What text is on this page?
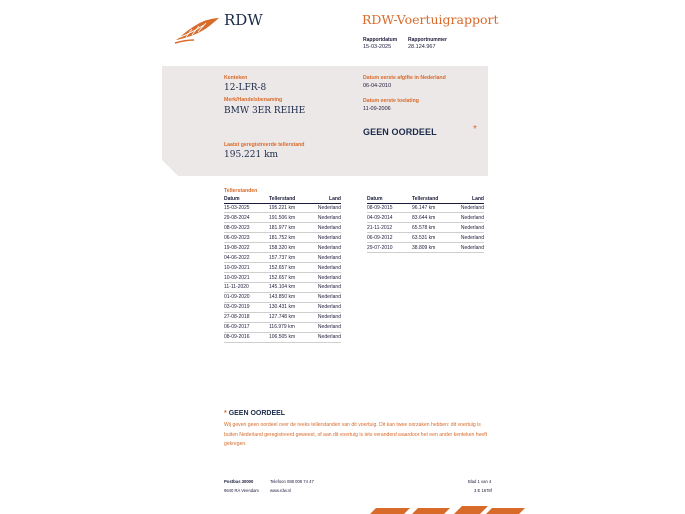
RDW	RDW-Voertuigrapport
Rapportdatum
15-03-2025
Rapportnummer
28.124.967
Kenteken
12-LFR-8
Merk/Handelsbenaming
BMW 3ER REIHE
Laatst geregistreerde tellerstand
195.221 km
Datum eerste afgifte in Nederland
06-04-2010
Datum eerste toelating
11-09-2006
GEEN OORDEEL	*
Tellerstanden
Datum	Tellerstand	Land
15-03-2025	195.221 km	Nederland
29-08-2024	191.506 km	Nederland
08-09-2023	181.977 km	Nederland
06-09-2023	181.752 km	Nederland
19-08-2022	158.320 km	Nederland
04-06-2022	157.737 km	Nederland
10-09-2021	152.657 km	Nederland
10-09-2021	152.657 km	Nederland
11-11-2020	145.104 km	Nederland
01-09-2020	143.850 km	Nederland
03-09-2019	130.431 km	Nederland
27-08-2018	127.748 km	Nederland
06-09-2017	116.979 km	Nederland
08-09-2016	106.505 km	Nederland
Datum	Tellerstand	Land
08-09-2015	96.147 km	Nederland
04-09-2014	83.644 km	Nederland
21-11-2012	65.578 km	Nederland
06-09-2012	63.531 km	Nederland
29-07-2010	38.809 km	Nederland
* GEEN OORDEEL
Wij geven geen oordeel over de reeks tellerstanden van dit voertuig. Dit kan twee oorzaken hebben: dit voertuig is buiten Nederland geregistreerd geweest, of aan dit voertuig is iets veranderd waardoor het een ander kenteken heeft gekregen.
Postbus 30000
9640 RA Veendam
Telefoon 088 008 74 47
www.rdw.nl
Blad 1 van 4
3 E 1678f
